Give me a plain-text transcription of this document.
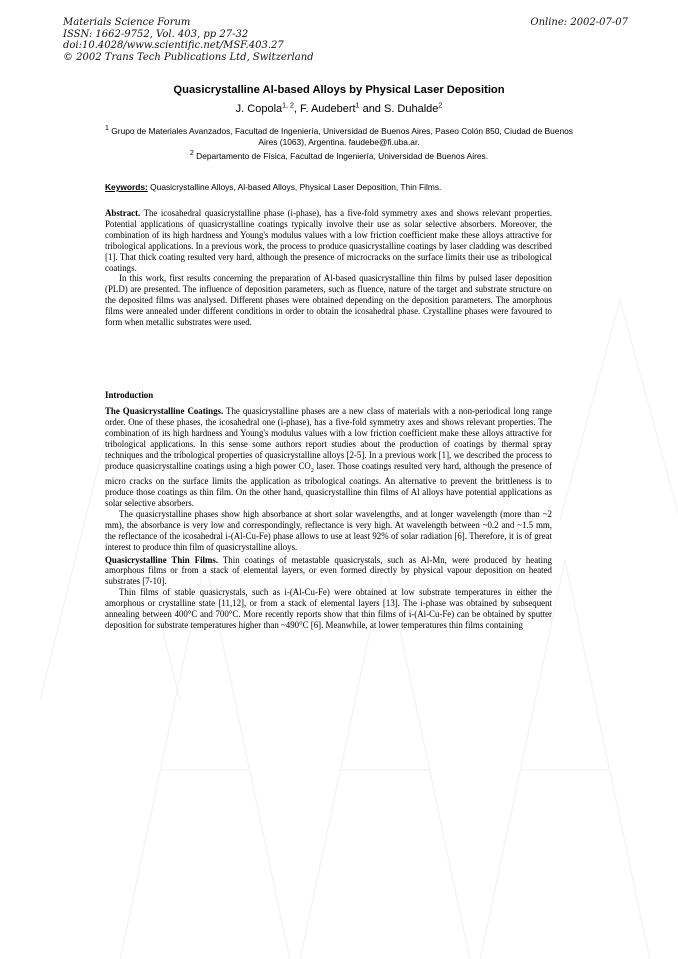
Materials Science Forum
ISSN: 1662-9752, Vol. 403, pp 27-32
doi:10.4028/www.scientific.net/MSF.403.27
© 2002 Trans Tech Publications Ltd, Switzerland
Online: 2002-07-07
Quasicrystalline Al-based Alloys by Physical Laser Deposition
J. Copola$^{1, 2}$, F. Audebert$^1$ and S. Duhalde$^2$
$^1$ Grupo de Materiales Avanzados, Facultad de Ingeniería, Universidad de Buenos Aires, Paseo Colón 850, Ciudad de Buenos Aires (1063), Argentina. faudebe@fi.uba.ar.
$^2$ Departamento de Física, Facultad de Ingeniería, Universidad de Buenos Aires.
Keywords: Quasicrystalline Alloys, Al-based Alloys, Physical Laser Deposition, Thin Films.

Abstract. The icosahedral quasicrystalline phase (i-phase), has a five-fold symmetry axes and shows relevant properties. Potential applications of quasicrystalline coatings typically involve their use as solar selective absorbers. Moreover, the combination of its high hardness and Young's modulus values with a low friction coefficient make these alloys attractive for tribological applications. In a previous work, the process to produce quasicrystalline coatings by laser cladding was described [1]. That thick coating resulted very hard, although the presence of microcracks on the surface limits their use as tribological coatings.

In this work, first results concerning the preparation of Al-based quasicrystalline thin films by pulsed laser deposition (PLD) are presented. The influence of deposition parameters, such as fluence, nature of the target and substrate structure on the deposited films was analysed. Different phases were obtained depending on the deposition parameters. The amorphous films were annealed under different conditions in order to obtain the icosahedral phase. Crystalline phases were favoured to form when metallic substrates were used.

Introduction

The Quasicrystalline Coatings. The quasicrystalline phases are a new class of materials with a non-periodical long range order. One of these phases, the icosahedral one (i-phase), has a five-fold symmetry axes and shows relevant properties. The combination of its high hardness and Young's modulus values with a low friction coefficient make these alloys attractive for tribological applications. In this sense some authors report studies about the production of coatings by thermal spray techniques and the tribological properties of quasicrystalline alloys [2-5]. In a previous work [1], we described the process to produce quasicrystalline coatings using a high power $CO_2$ laser. Those coatings resulted very hard, although the presence of micro cracks on the surface limits the application as tribological coatings. An alternative to prevent the brittleness is to produce those coatings as thin film. On the other hand, quasicrystalline thin films of Al alloys have potential applications as solar selective absorbers.

The quasicrystalline phases show high absorbance at short solar wavelengths, and at longer wavelength (more than ~2 mm), the absorbance is very low and correspondingly, reflectance is very high. At wavelength between ~0.2 and ~1.5 mm, the reflectance of the icosahedral i-(Al-Cu-Fe) phase allows to use at least 92% of solar radiation [6]. Therefore, it is of great interest to produce thin film of quasicrystalline alloys.

Quasicrystalline Thin Films. Thin coatings of metastable quasicrystals, such as Al-Mn, were produced by heating amorphous films or from a stack of elemental layers, or even formed directly by physical vapour deposition on heated substrates [7-10].

Thin films of stable quasicrystals, such as i-(Al-Cu-Fe) were obtained at low substrate temperatures in either the amorphous or crystalline state [11,12], or from a stack of elemental layers [13]. The i-phase was obtained by subsequent annealing between 400°C and 700°C. More recently reports show that thin films of i-(Al-Cu-Fe) can be obtained by sputter deposition for substrate temperatures higher than ~490°C [6]. Meanwhile, at lower temperatures thin films containing
